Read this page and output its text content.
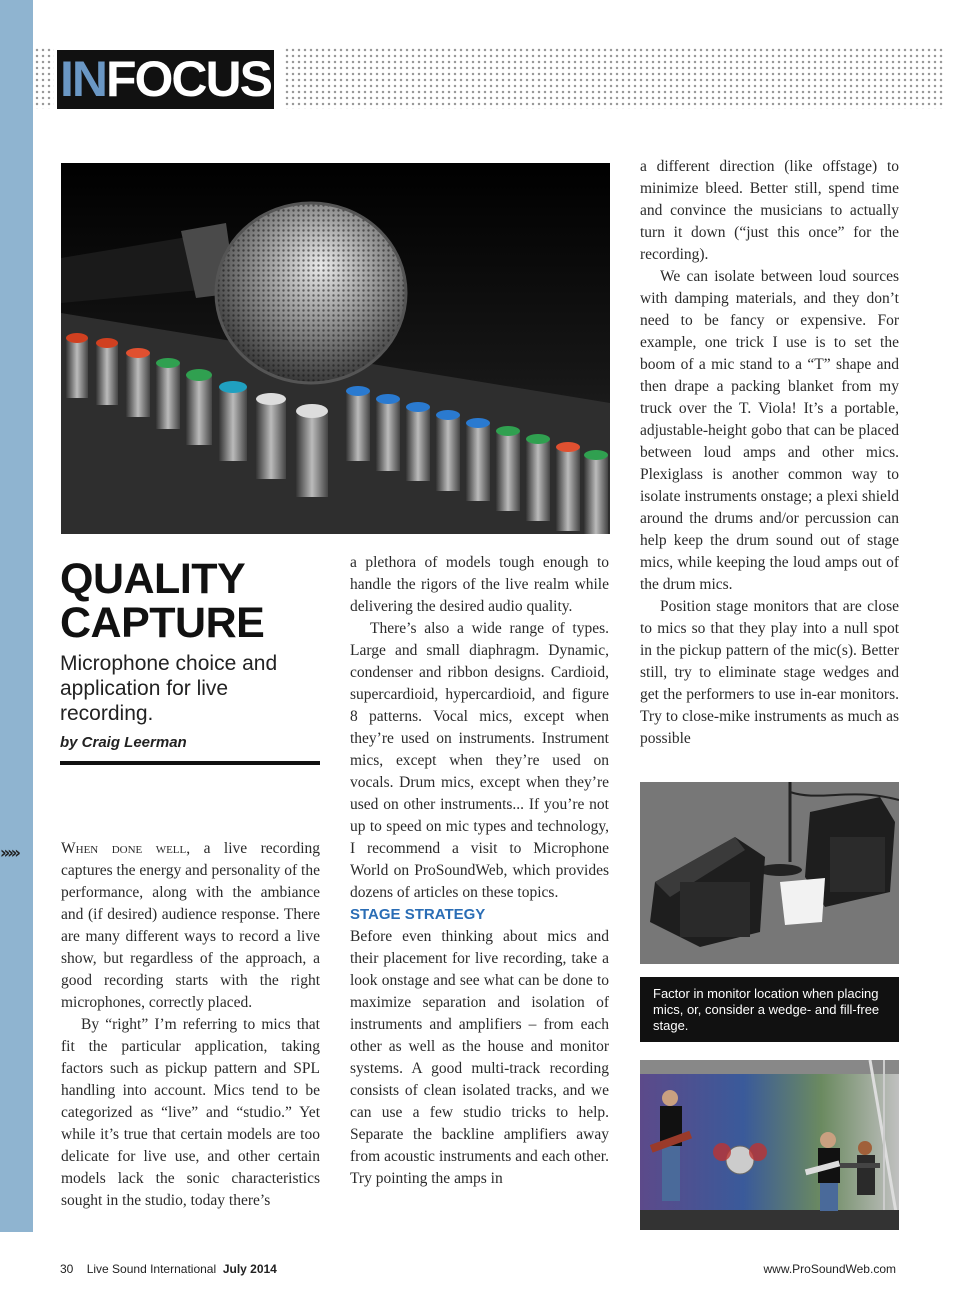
INFOCUS
QUALITY
CAPTURE
Microphone choice and application for live recording.
by Craig Leerman
›››››	When done well, a live recording captures the energy and personality of the performance, along with the ambiance and (if desired) audience response. There are many different ways to record a live show, but regardless of the approach, a good recording starts with the right microphones, correctly placed.

By “right” I’m referring to mics that fit the particular application, taking factors such as pickup pattern and SPL handling into account. Mics tend to be categorized as “live” and “studio.” Yet while it’s true that certain models are too delicate for live use, and other certain models lack the sonic characteristics sought in the studio, today there’s

a plethora of models tough enough to handle the rigors of the live realm while delivering the desired audio quality.

There’s also a wide range of types. Large and small diaphragm. Dynamic, condenser and ribbon designs. Cardioid, supercardioid, hypercardioid, and figure 8 patterns. Vocal mics, except when they’re used on instruments. Instrument mics, except when they’re used on vocals. Drum mics, except when they’re used on other instruments... If you’re not up to speed on mic types and technology, I recommend a visit to Microphone World on ProSoundWeb, which provides dozens of articles on these topics.

STAGE STRATEGY

Before even thinking about mics and their placement for live recording, take a look onstage and see what can be done to maximize separation and isolation of instruments and amplifiers – from each other as well as the house and monitor systems. A good multi-track recording consists of clean isolated tracks, and we can use a few studio tricks to help. Separate the backline amplifiers away from acoustic instruments and each other. Try pointing the amps in

a different direction (like offstage) to minimize bleed. Better still, spend time and convince the musicians to actually turn it down (“just this once” for the recording).

We can isolate between loud sources with damping materials, and they don’t need to be fancy or expensive. For example, one trick I use is to set the boom of a mic stand to a “T” shape and then drape a packing blanket from my truck over the T. Viola! It’s a portable, adjustable-height gobo that can be placed between loud amps and other mics. Plexiglass is another common way to isolate instruments onstage; a plexi shield around the drums and/or percussion can help keep the drum sound out of stage mics, while keeping the loud amps out of the drum mics.

Position stage monitors that are close to mics so that they play into a null spot in the pickup pattern of the mic(s). Better still, try to eliminate stage wedges and get the performers to use in-ear monitors. Try to close-mike instruments as much as possible

Factor in monitor location when placing mics, or, consider a wedge- and fill-free stage.
30 Live Sound International July 2014	www.ProSoundWeb.com
